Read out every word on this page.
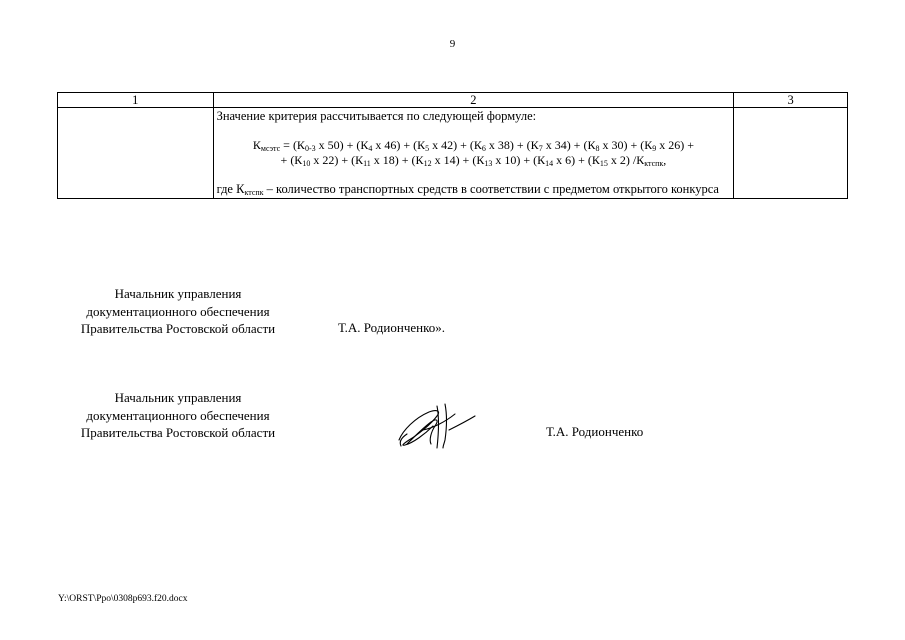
9
1	2	3

	Значение критерия рассчитывается по следующей формуле:
$К_{мсэтс} = (К_{0-3}$ х $50) + (К_4$ х $46) + (К_5$ х $42) + (К_6$ х $38) + (К_7$ х $34) + (К_8$ х $30) + (К_9$ х 26) +
+ ($К_{10}$ х $22) + (К_{11}$ х $18) + (К_{12}$ х $14) + (К_{13}$ х $10) + (К_{14}$ х $6) + (К_{15}$ х 2) $/К_{ктспк}$,
где $К_{ктспк}$ – количество транспортных средств в соответствии с предметом открытого конкурса	

Начальник управления
документационного обеспечения
Правительства Ростовской области	Т.А. Родионченко».
Начальник управления
документационного обеспечения
Правительства Ростовской области	Т.А. Родионченко
Y:\ORST\Ppo\0308p693.f20.docx
